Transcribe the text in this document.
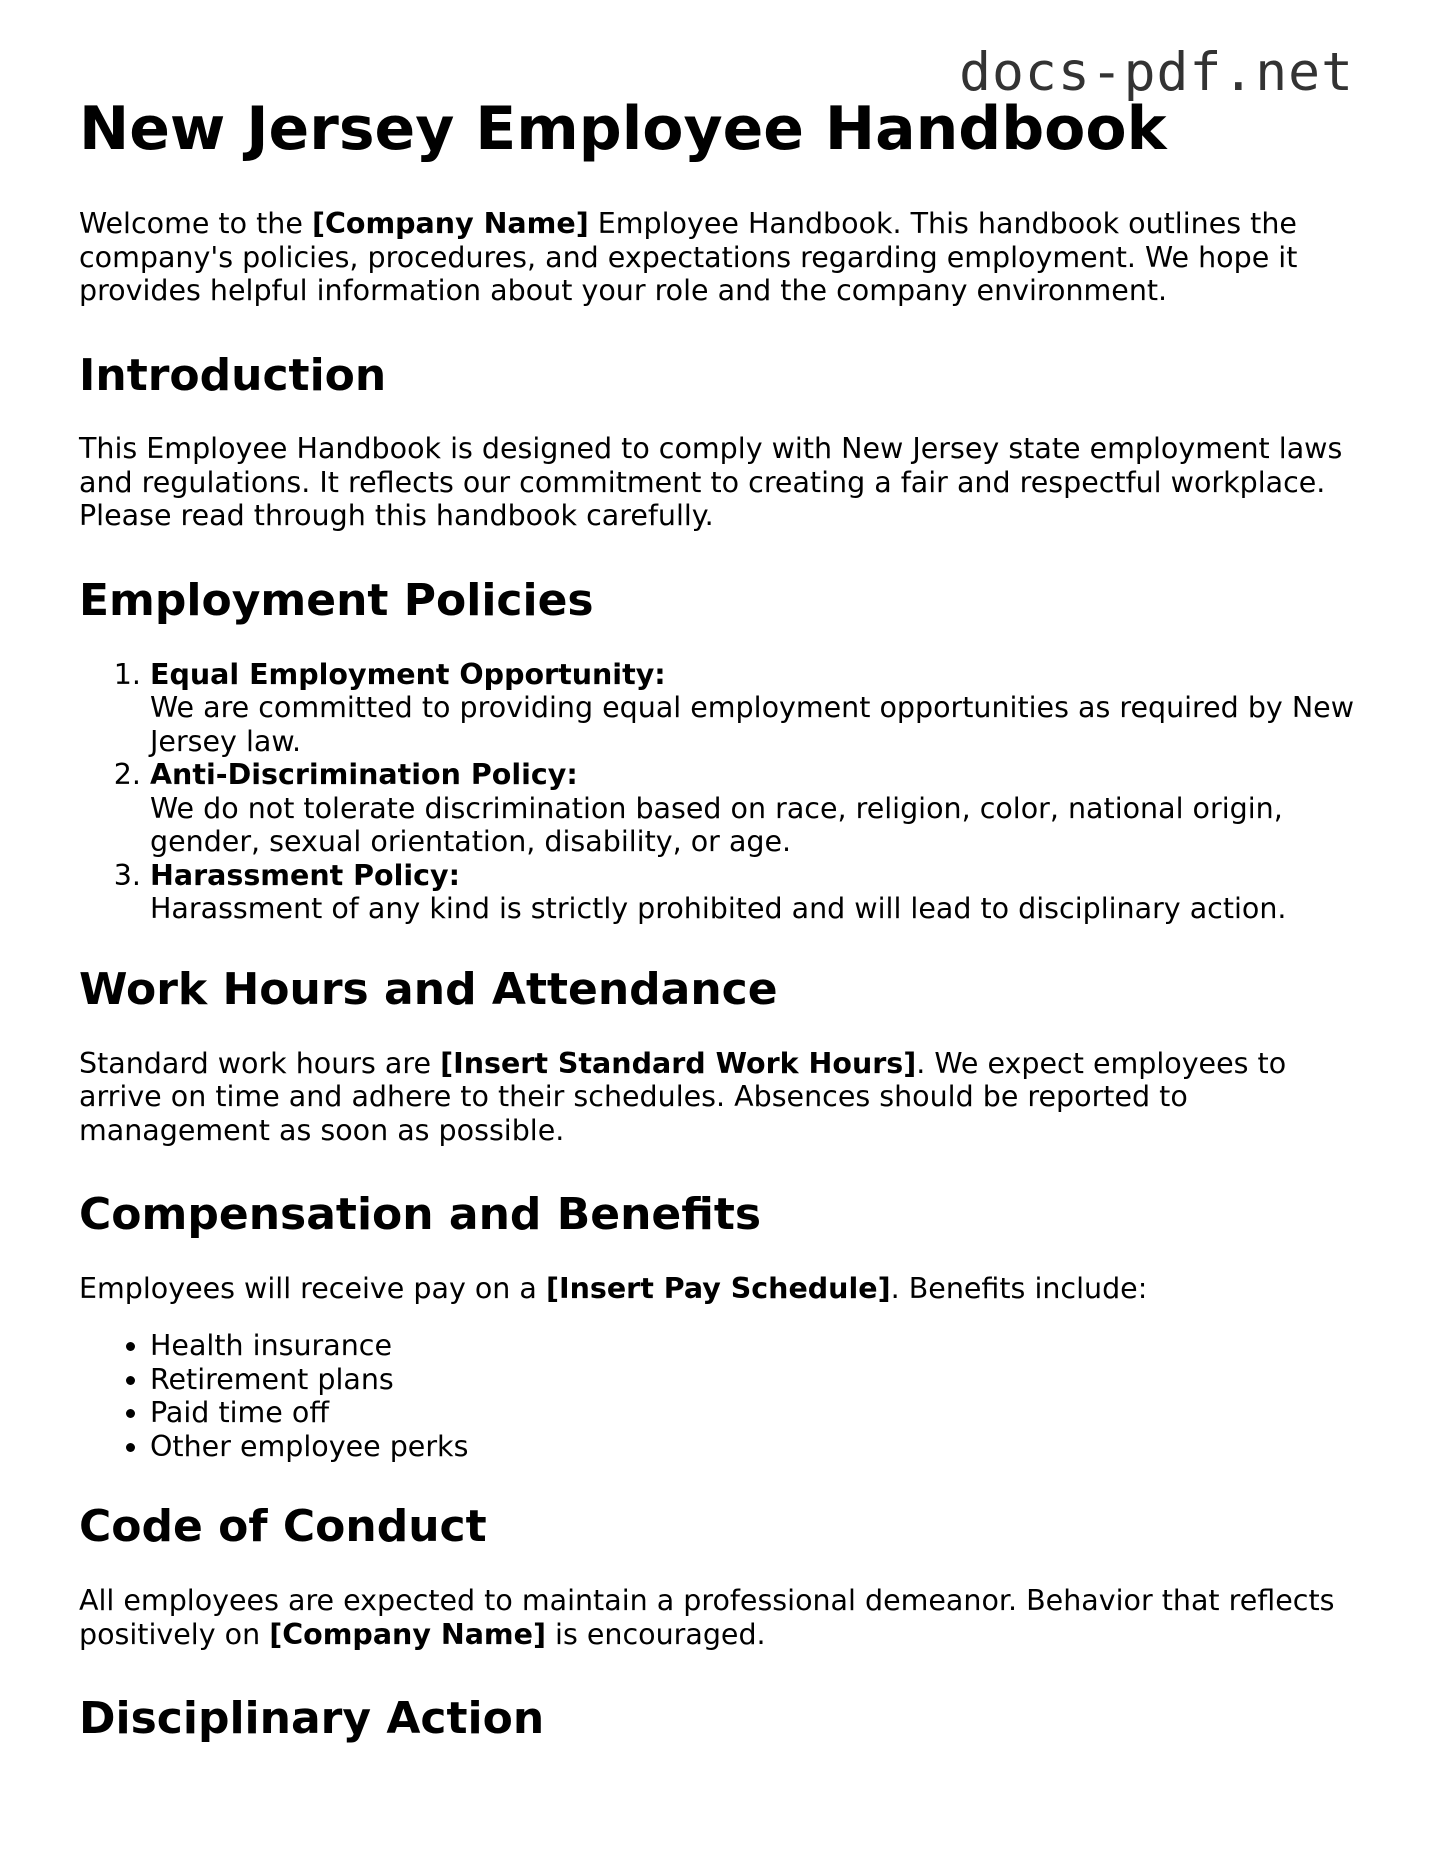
docs-pdf.net
New Jersey Employee Handbook

Welcome to the [Company Name] Employee Handbook. This handbook outlines the company's policies, procedures, and expectations regarding employment. We hope it provides helpful information about your role and the company environment.

Introduction

This Employee Handbook is designed to comply with New Jersey state employment laws and regulations. It reflects our commitment to creating a fair and respectful workplace. Please read through this handbook carefully.

Employment Policies
1. Equal Employment Opportunity:
We are committed to providing equal employment opportunities as required by New Jersey law.
2. Anti-Discrimination Policy:
We do not tolerate discrimination based on race, religion, color, national origin, gender, sexual orientation, disability, or age.
3. Harassment Policy:
Harassment of any kind is strictly prohibited and will lead to disciplinary action.
Work Hours and Attendance

Standard work hours are [Insert Standard Work Hours]. We expect employees to arrive on time and adhere to their schedules. Absences should be reported to management as soon as possible.

Compensation and Benefits

Employees will receive pay on a [Insert Pay Schedule]. Benefits include:

• Health insurance
• Retirement plans
• Paid time off
• Other employee perks
Code of Conduct

All employees are expected to maintain a professional demeanor. Behavior that reflects positively on [Company Name] is encouraged.

Disciplinary Action
